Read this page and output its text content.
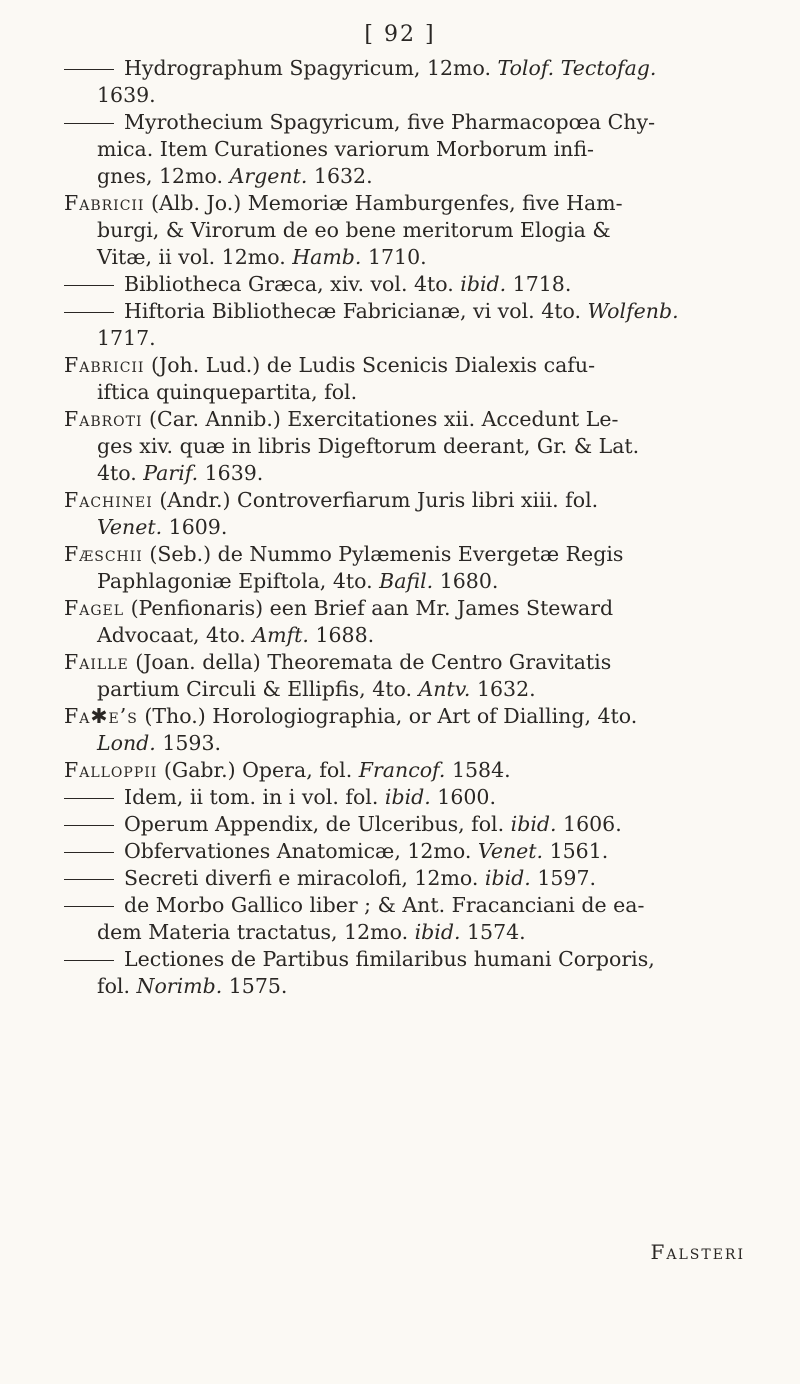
[ 92 ]
Hydrographum Spagyricum, 12mo. Tolof. Tectofag.
1639.
Myrothecium Spagyricum, five Pharmacopœa Chy-
mica. Item Curationes variorum Morborum infi-
gnes, 12mo. Argent. 1632.
Fabricii (Alb. Jo.) Memoriæ Hamburgenfes, five Ham-
burgi, & Virorum de eo bene meritorum Elogia &
Vitæ, ii vol. 12mo. Hamb. 1710.
Bibliotheca Græca, xiv. vol. 4to. ibid. 1718.
Hiftoria Bibliothecæ Fabricianæ, vi vol. 4to. Wolfenb.
1717.
Fabricii (Joh. Lud.) de Ludis Scenicis Dialexis cafu-
iftica quinquepartita, fol.
Fabroti (Car. Annib.) Exercitationes xii. Accedunt Le-
ges xiv. quæ in libris Digeftorum deerant, Gr. & Lat.
4to. Parif. 1639.
Fachinei (Andr.) Controverfiarum Juris libri xiii. fol.
Venet. 1609.
Fæschii (Seb.) de Nummo Pylæmenis Evergetæ Regis
Paphlagoniæ Epiftola, 4to. Bafil. 1680.
Fagel (Penfionaris) een Brief aan Mr. James Steward
Advocaat, 4to. Amft. 1688.
Faille (Joan. della) Theoremata de Centro Gravitatis
partium Circuli & Ellipfis, 4to. Antv. 1632.
Fa✱e’s (Tho.) Horologiographia, or Art of Dialling, 4to.
Lond. 1593.
Falloppii (Gabr.) Opera, fol. Francof. 1584.
Idem, ii tom. in i vol. fol. ibid. 1600.
Operum Appendix, de Ulceribus, fol. ibid. 1606.
Obfervationes Anatomicæ, 12mo. Venet. 1561.
Secreti diverfi e miracolofi, 12mo. ibid. 1597.
de Morbo Gallico liber ; & Ant. Fracanciani de ea-
dem Materia tractatus, 12mo. ibid. 1574.
Lectiones de Partibus fimilaribus humani Corporis,
fol. Norimb. 1575.
Falsteri
